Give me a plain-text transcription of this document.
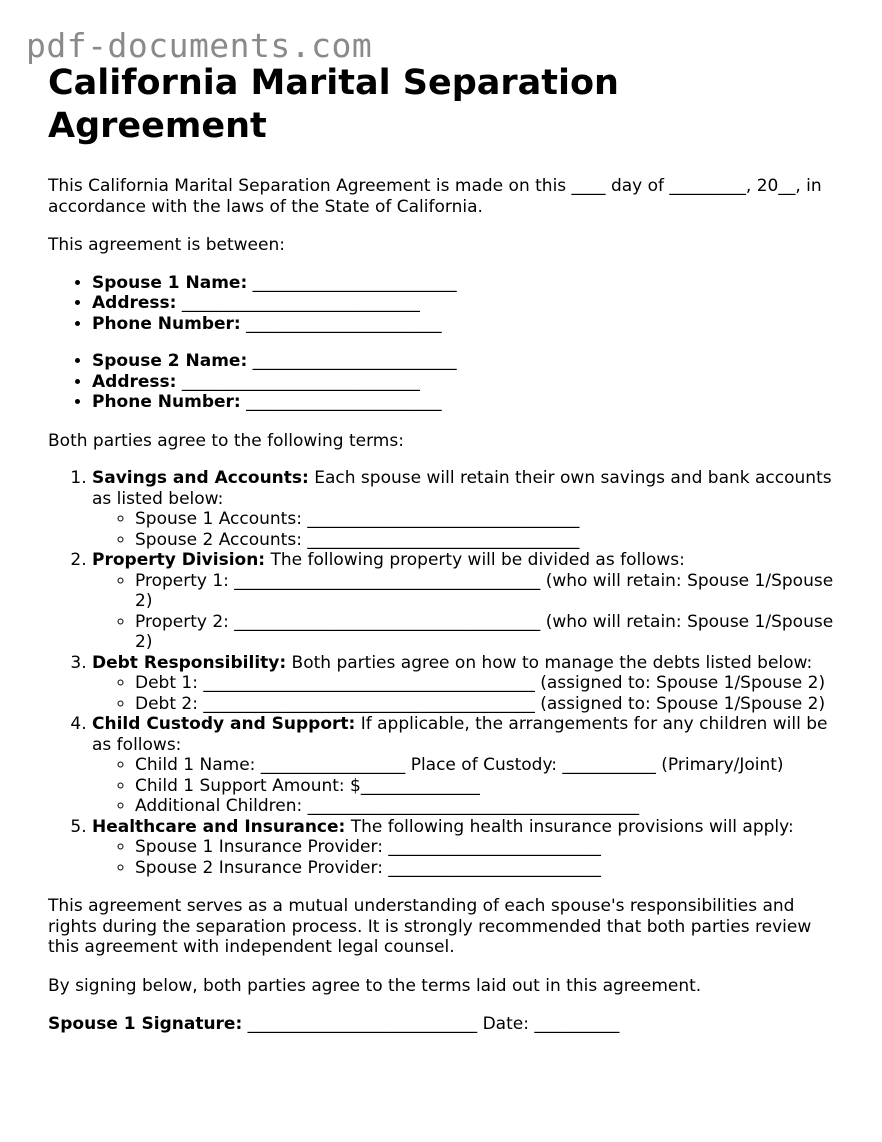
pdf-documents.com
California Marital Separation Agreement

This California Marital Separation Agreement is made on this ____ day of _________, 20__, in accordance with the laws of the State of California.

This agreement is between:

• Spouse 1 Name: ________________________
• Address: ____________________________
• Phone Number: _______________________
• Spouse 2 Name: ________________________
• Address: ____________________________
• Phone Number: _______________________

Both parties agree to the following terms:

1. Savings and Accounts: Each spouse will retain their own savings and bank accounts as listed below:
◦ Spouse 1 Accounts: ________________________________
◦ Spouse 2 Accounts: ________________________________
2. Property Division: The following property will be divided as follows:
◦ Property 1: ____________________________________ (who will retain: Spouse 1/Spouse 2)
◦ Property 2: ____________________________________ (who will retain: Spouse 1/Spouse 2)
3. Debt Responsibility: Both parties agree on how to manage the debts listed below:
◦ Debt 1: _______________________________________ (assigned to: Spouse 1/Spouse 2)
◦ Debt 2: _______________________________________ (assigned to: Spouse 1/Spouse 2)
4. Child Custody and Support: If applicable, the arrangements for any children will be as follows:
◦ Child 1 Name: _________________ Place of Custody: ___________ (Primary/Joint)
◦ Child 1 Support Amount: $______________
◦ Additional Children: _______________________________________
5. Healthcare and Insurance: The following health insurance provisions will apply:
◦ Spouse 1 Insurance Provider: _________________________
◦ Spouse 2 Insurance Provider: _________________________

This agreement serves as a mutual understanding of each spouse's responsibilities and rights during the separation process. It is strongly recommended that both parties review this agreement with independent legal counsel.

By signing below, both parties agree to the terms laid out in this agreement.

Spouse 1 Signature: ___________________________ Date: __________
